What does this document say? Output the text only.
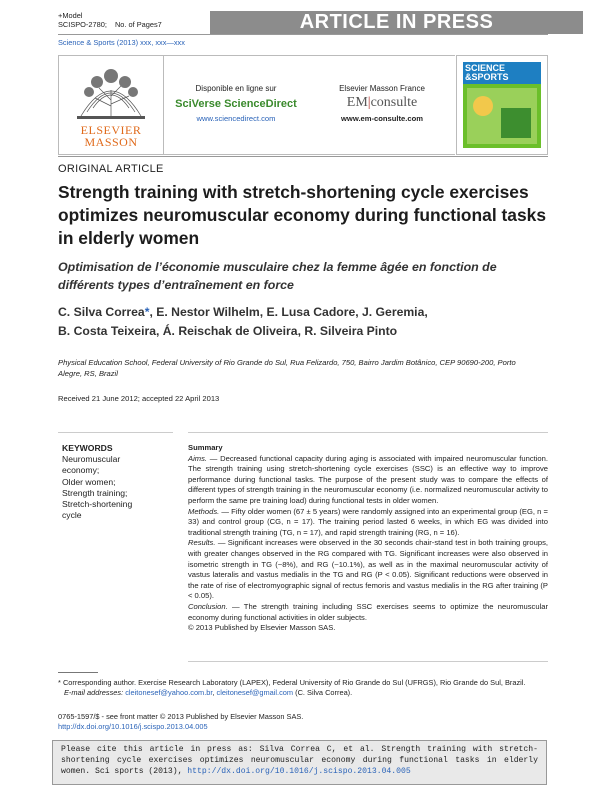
+Model
SCISPO-2780; No. of Pages7	ARTICLE IN PRESS
Science & Sports (2013) xxx, xxx—xxx
ELSEVIER
MASSON
Disponible en ligne sur
SciVerse ScienceDirect
www.sciencedirect.com
Elsevier Masson France
EM|consulte
www.em-consulte.com
SCIENCE
&SPORTS
ORIGINAL ARTICLE
Strength training with stretch-shortening cycle exercises optimizes neuromuscular economy during functional tasks in elderly women
Optimisation de l’économie musculaire chez la femme âgée en fonction de différents types d’entraînement en force
C. Silva Correa*, E. Nestor Wilhelm, E. Lusa Cadore, J. Geremia,
B. Costa Teixeira, Á. Reischak de Oliveira, R. Silveira Pinto
Physical Education School, Federal University of Rio Grande do Sul, Rua Felizardo, 750, Bairro Jardim Botânico, CEP 90690-200, Porto Alegre, RS, Brazil
Received 21 June 2012; accepted 22 April 2013
KEYWORDS
Neuromuscular
economy;
Older women;
Strength training;
Stretch-shortening
cycle

Summary

Aims. — Decreased functional capacity during aging is associated with impaired neuromuscular function. The strength training using stretch-shortening cycle exercises (SSC) is an effective way to improve performance during functional tasks. The purpose of the present study was to compare the effects of different types of strength training in the neuromuscular economy (i.e. normalized neuromuscular activity to perform the same pre training load) during functional tests in older women.

Methods. — Fifty older women (67 ± 5 years) were randomly assigned into an experimental group (EG, n = 33) and control group (CG, n = 17). The training period lasted 6 weeks, in which EG was divided into traditional strength training (TG, n = 17), and rapid strength training (RG, n = 16).

Results. — Significant increases were observed in the 30 seconds chair-stand test in both training groups, with greater changes observed in the RG compared with TG. Significant increases were also observed in isometric strength in TG (~8%), and RG (~10.1%), as well as in the maximal neuromuscular activity of vastus lateralis and vastus medialis in the TG and RG (P < 0.05). Significant reductions were observed in the rate of rise of electromyographic signal of rectus femoris and vastus medialis in the RG after training (P < 0.05).

Conclusion. — The strength training including SSC exercises seems to optimize the neuromuscular economy during functional activities in older subjects.

© 2013 Published by Elsevier Masson SAS.

* Corresponding author. Exercise Research Laboratory (LAPEX), Federal University of Rio Grande do Sul (UFRGS), Rio Grande do Sul, Brazil.
E-mail addresses: cleitonesef@yahoo.com.br, cleitonesef@gmail.com (C. Silva Correa).
0765-1597/$ - see front matter © 2013 Published by Elsevier Masson SAS.
http://dx.doi.org/10.1016/j.scispo.2013.04.005
Please cite this article in press as: Silva Correa C, et al. Strength training with stretch-shortening cycle exercises optimizes neuromuscular economy during functional tasks in elderly women. Sci sports (2013), http://dx.doi.org/10.1016/j.scispo.2013.04.005
